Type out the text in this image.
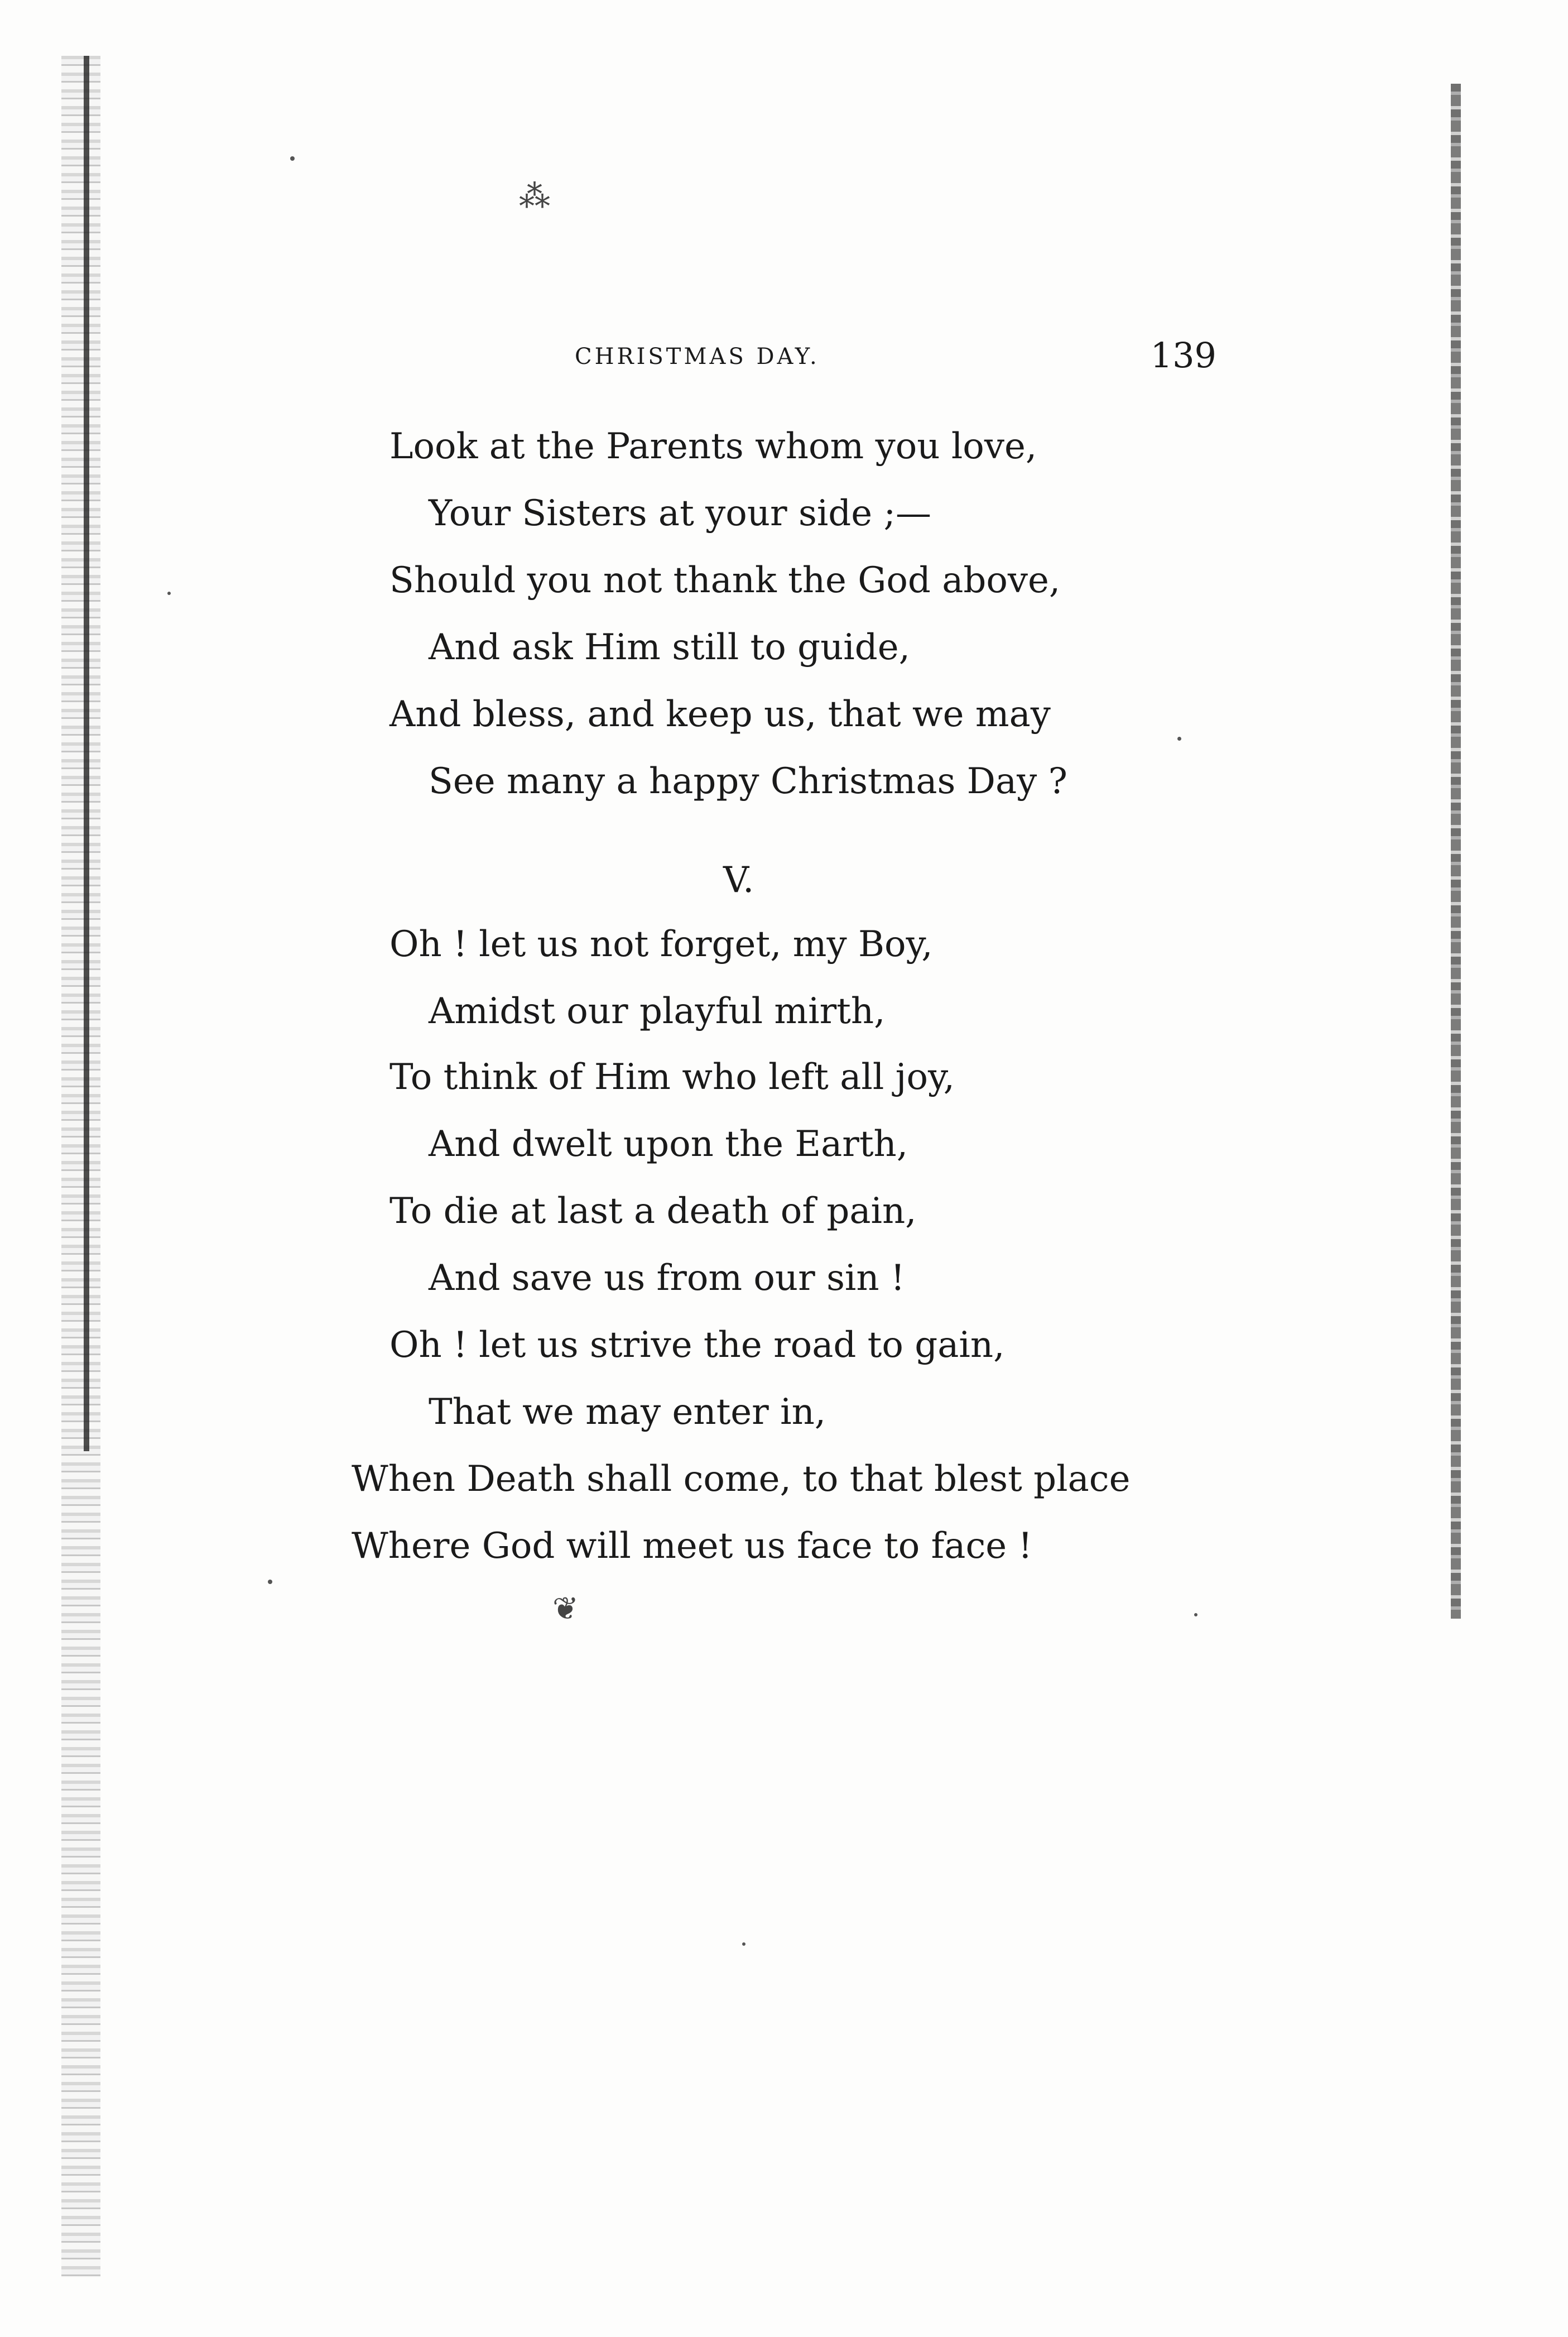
⁂
CHRISTMAS DAY.	139
Look at the Parents whom you love,
Your Sisters at your side ;—
Should you not thank the God above,
And ask Him still to guide,
And bless, and keep us, that we may
See many a happy Christmas Day ?
V.
Oh ! let us not forget, my Boy,
Amidst our playful mirth,
To think of Him who left all joy,
And dwelt upon the Earth,
To die at last a death of pain,
And save us from our sin !
Oh ! let us strive the road to gain,
That we may enter in,
When Death shall come, to that blest place
Where God will meet us face to face !
❦
